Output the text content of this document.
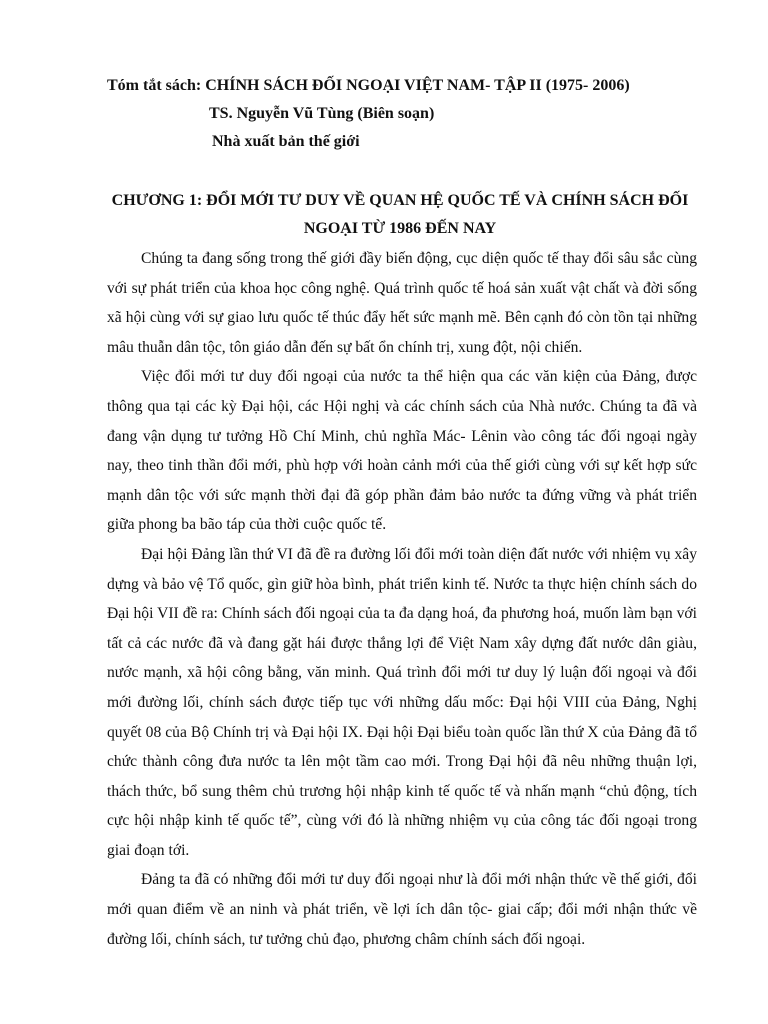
Tóm tắt sách: CHÍNH SÁCH ĐỐI NGOẠI VIỆT NAM- TẬP II (1975- 2006)
TS. Nguyễn Vũ Tùng (Biên soạn)
Nhà xuất bản thế giới
CHƯƠNG 1: ĐỔI MỚI TƯ DUY VỀ QUAN HỆ QUỐC TẾ VÀ CHÍNH SÁCH ĐỐI NGOẠI TỪ 1986 ĐẾN NAY

Chúng ta đang sống trong thế giới đầy biến động, cục diện quốc tế thay đổi sâu sắc cùng với sự phát triển của khoa học công nghệ. Quá trình quốc tế hoá sản xuất vật chất và đời sống xã hội cùng với sự giao lưu quốc tế thúc đẩy hết sức mạnh mẽ. Bên cạnh đó còn tồn tại những mâu thuẫn dân tộc, tôn giáo dẫn đến sự bất ổn chính trị, xung đột, nội chiến.

Việc đổi mới tư duy đối ngoại của nước ta thể hiện qua các văn kiện của Đảng, được thông qua tại các kỳ Đại hội, các Hội nghị và các chính sách của Nhà nước. Chúng ta đã và đang vận dụng tư tưởng Hồ Chí Minh, chủ nghĩa Mác- Lênin vào công tác đối ngoại ngày nay, theo tinh thần đổi mới, phù hợp với hoàn cảnh mới của thế giới cùng với sự kết hợp sức mạnh dân tộc với sức mạnh thời đại đã góp phần đảm bảo nước ta đứng vững và phát triển giữa phong ba bão táp của thời cuộc quốc tế.

Đại hội Đảng lần thứ VI đã đề ra đường lối đổi mới toàn diện đất nước với nhiệm vụ xây dựng và bảo vệ Tổ quốc, gìn giữ hòa bình, phát triển kinh tế. Nước ta thực hiện chính sách do Đại hội VII đề ra: Chính sách đối ngoại của ta đa dạng hoá, đa phương hoá, muốn làm bạn với tất cả các nước đã và đang gặt hái được thắng lợi để Việt Nam xây dựng đất nước dân giàu, nước mạnh, xã hội công bằng, văn minh. Quá trình đổi mới tư duy lý luận đối ngoại và đổi mới đường lối, chính sách được tiếp tục với những dấu mốc: Đại hội VIII của Đảng, Nghị quyết 08 của Bộ Chính trị và Đại hội IX. Đại hội Đại biểu toàn quốc lần thứ X của Đảng đã tổ chức thành công đưa nước ta lên một tầm cao mới. Trong Đại hội đã nêu những thuận lợi, thách thức, bổ sung thêm chủ trương hội nhập kinh tế quốc tế và nhấn mạnh “chủ động, tích cực hội nhập kinh tế quốc tế”, cùng với đó là những nhiệm vụ của công tác đối ngoại trong giai đoạn tới.

Đảng ta đã có những đổi mới tư duy đối ngoại như là đổi mới nhận thức về thế giới, đổi mới quan điểm về an ninh và phát triển, về lợi ích dân tộc- giai cấp; đổi mới nhận thức về đường lối, chính sách, tư tưởng chủ đạo, phương châm chính sách đối ngoại.
